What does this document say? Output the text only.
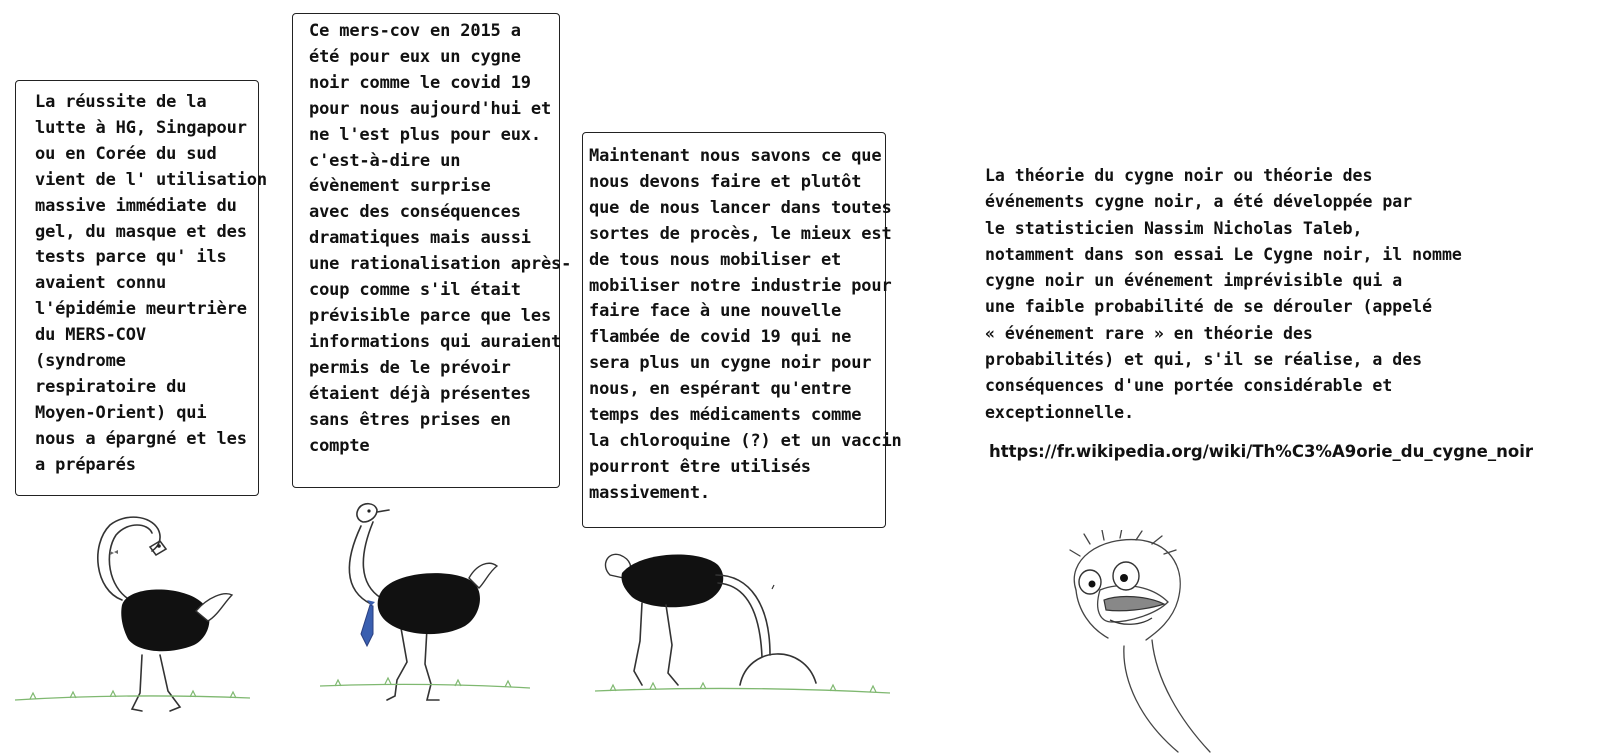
La réussite de la
lutte à HG, Singapour
ou en Corée du sud
vient de l' utilisation
massive immédiate du
gel, du masque et des
tests parce qu' ils
avaient connu
l'épidémie meurtrière
du MERS-COV
(syndrome
respiratoire du
Moyen-Orient) qui
nous a épargné et les
a préparés
Ce mers-cov en 2015 a
été pour eux un cygne
noir comme le covid 19
pour nous aujourd'hui et
ne l'est plus pour eux.
c'est-à-dire un
évènement surprise
avec des conséquences
dramatiques mais aussi
une rationalisation après-
coup comme s'il était
prévisible parce que les
informations qui auraient
permis de le prévoir
étaient déjà présentes
sans êtres prises en
compte
Maintenant nous savons ce que
nous devons faire et plutôt
que de nous lancer dans toutes
sortes de procès, le mieux est
de tous nous mobiliser et
mobiliser notre industrie pour
faire face à une nouvelle
flambée de covid 19 qui ne
sera plus un cygne noir pour
nous, en espérant qu'entre
temps des médicaments comme
la chloroquine (?) et un vaccin
pourront être utilisés
massivement.
La théorie du cygne noir ou théorie des
événements cygne noir, a été développée par
le statisticien Nassim Nicholas Taleb,
notamment dans son essai Le Cygne noir, il nomme
cygne noir un événement imprévisible qui a
une faible probabilité de se dérouler (appelé
« événement rare » en théorie des
probabilités) et qui, s'il se réalise, a des
conséquences d'une portée considérable et
exceptionnelle.
https://fr.wikipedia.org/wiki/Th%C3%A9orie_du_cygne_noir
